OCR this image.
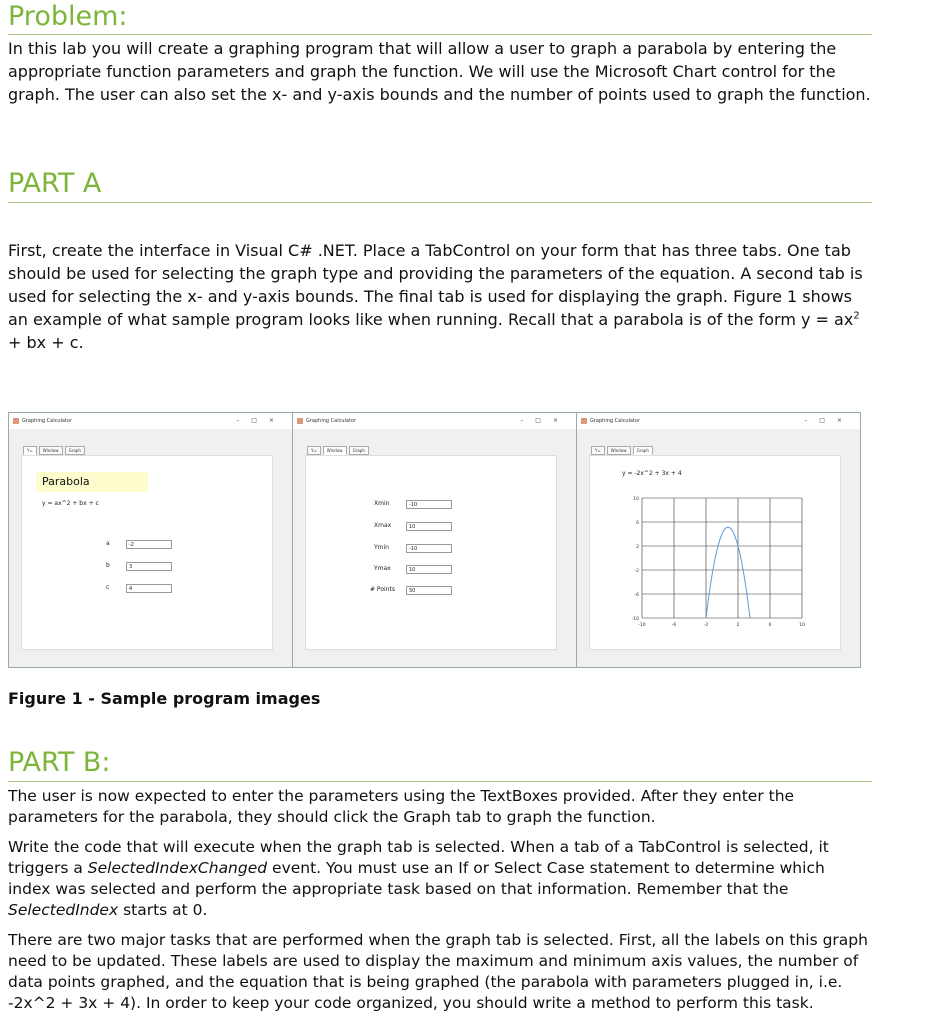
Problem:

In this lab you will create a graphing program that will allow a user to graph a parabola by entering the appropriate function parameters and graph the function. We will use the Microsoft Chart control for the graph. The user can also set the x- and y-axis bounds and the number of points used to graph the function.

PART A

First, create the interface in Visual C# .NET. Place a TabControl on your form that has three tabs. One tab should be used for selecting the graph type and providing the parameters of the equation. A second tab is used for selecting the x- and y-axis bounds. The final tab is used for displaying the graph. Figure 1 shows an example of what sample program looks like when running. Recall that a parabola is of the form $y = ax^2$ + bx + c.

Graphing Calculator	–□×
Y=	Window	Graph
Parabola
y = ax^2 + bx + c
a	-2
b	3
c	4
Graphing Calculator	–□×
Y=	Window	Graph
Xmin	-10
Xmax	10
Ymin	-10
Ymax	10
# Points	50
Graphing Calculator	–□×
Y=	Window	Graph
y = -2x^2 + 3x + 4
-10	-6	-2	2	6	10
10
6
2
-2
-6
-10
Figure 1 - Sample program images
PART B:

The user is now expected to enter the parameters using the TextBoxes provided. After they enter the parameters for the parabola, they should click the Graph tab to graph the function.

Write the code that will execute when the graph tab is selected. When a tab of a TabControl is selected, it triggers a SelectedIndexChanged event. You must use an If or Select Case statement to determine which index was selected and perform the appropriate task based on that information. Remember that the SelectedIndex starts at 0.

There are two major tasks that are performed when the graph tab is selected. First, all the labels on this graph need to be updated. These labels are used to display the maximum and minimum axis values, the number of data points graphed, and the equation that is being graphed (the parabola with parameters plugged in, i.e. -2x^2 + 3x + 4). In order to keep your code organized, you should write a method to perform this task.
